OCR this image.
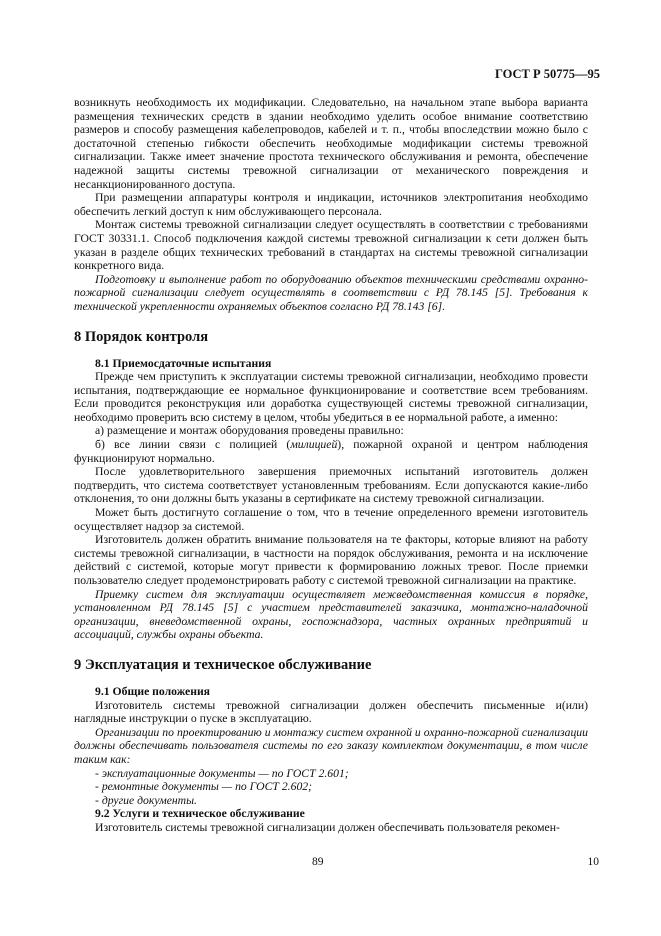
ГОСТ Р 50775—95

возникнуть необходимость их модификации. Следовательно, на начальном этапе выбора варианта размещения технических средств в здании необходимо уделить особое внимание соответствию размеров и способу размещения кабелепроводов, кабелей и т. п., чтобы впоследствии можно было с достаточной степенью гибкости обеспечить необходимые модификации системы тревожной сигнализации. Также имеет значение простота технического обслуживания и ремонта, обеспечение надежной защиты системы тревожной сигнализации от механического повреждения и несанкционированного доступа.

При размещении аппаратуры контроля и индикации, источников электропитания необходимо обеспечить легкий доступ к ним обслуживающего персонала.

Монтаж системы тревожной сигнализации следует осуществлять в соответствии с требованиями ГОСТ 30331.1. Способ подключения каждой системы тревожной сигнализации к сети должен быть указан в разделе общих технических требований в стандартах на системы тревожной сигнализации конкретного вида.

Подготовку и выполнение работ по оборудованию объектов техническими средствами охранно-пожарной сигнализации следует осуществлять в соответствии с РД 78.145 [5]. Требования к технической укрепленности охраняемых объектов согласно РД 78.143 [6].

8 Порядок контроля
8.1 Приемосдаточные испытания

Прежде чем приступить к эксплуатации системы тревожной сигнализации, необходимо провести испытания, подтверждающие ее нормальное функционирование и соответствие всем требованиям. Если проводится реконструкция или доработка существующей системы тревожной сигнализации, необходимо проверить всю систему в целом, чтобы убедиться в ее нормальной работе, а именно:

а) размещение и монтаж оборудования проведены правильно:

б) все линии связи с полицией (милицией), пожарной охраной и центром наблюдения функционируют нормально.

После удовлетворительного завершения приемочных испытаний изготовитель должен подтвердить, что система соответствует установленным требованиям. Если допускаются какие-либо отклонения, то они должны быть указаны в сертификате на систему тревожной сигнализации.

Может быть достигнуто соглашение о том, что в течение определенного времени изготовитель осуществляет надзор за системой.

Изготовитель должен обратить внимание пользователя на те факторы, которые влияют на работу системы тревожной сигнализации, в частности на порядок обслуживания, ремонта и на исключение действий с системой, которые могут привести к формированию ложных тревог. После приемки пользователю следует продемонстрировать работу с системой тревожной сигнализации на практике.

Приемку систем для эксплуатации осуществляет межведомственная комиссия в порядке, установленном РД 78.145 [5] с участием представителей заказчика, монтажно-наладочной организации, вневедомственной охраны, госпожнадзора, частных охранных предприятий и ассоциаций, службы охраны объекта.

9 Эксплуатация и техническое обслуживание
9.1 Общие положения

Изготовитель системы тревожной сигнализации должен обеспечить письменные и(или) наглядные инструкции о пуске в эксплуатацию.

Организации по проектированию и монтажу систем охранной и охранно-пожарной сигнализации должны обеспечивать пользователя системы по его заказу комплектом документации, в том числе таким как:

- эксплуатационные документы — по ГОСТ 2.601;

- ремонтные документы — по ГОСТ 2.602;

- другие документы.

9.2 Услуги и техническое обслуживание

Изготовитель системы тревожной сигнализации должен обеспечивать пользователя рекомен-

89	10
